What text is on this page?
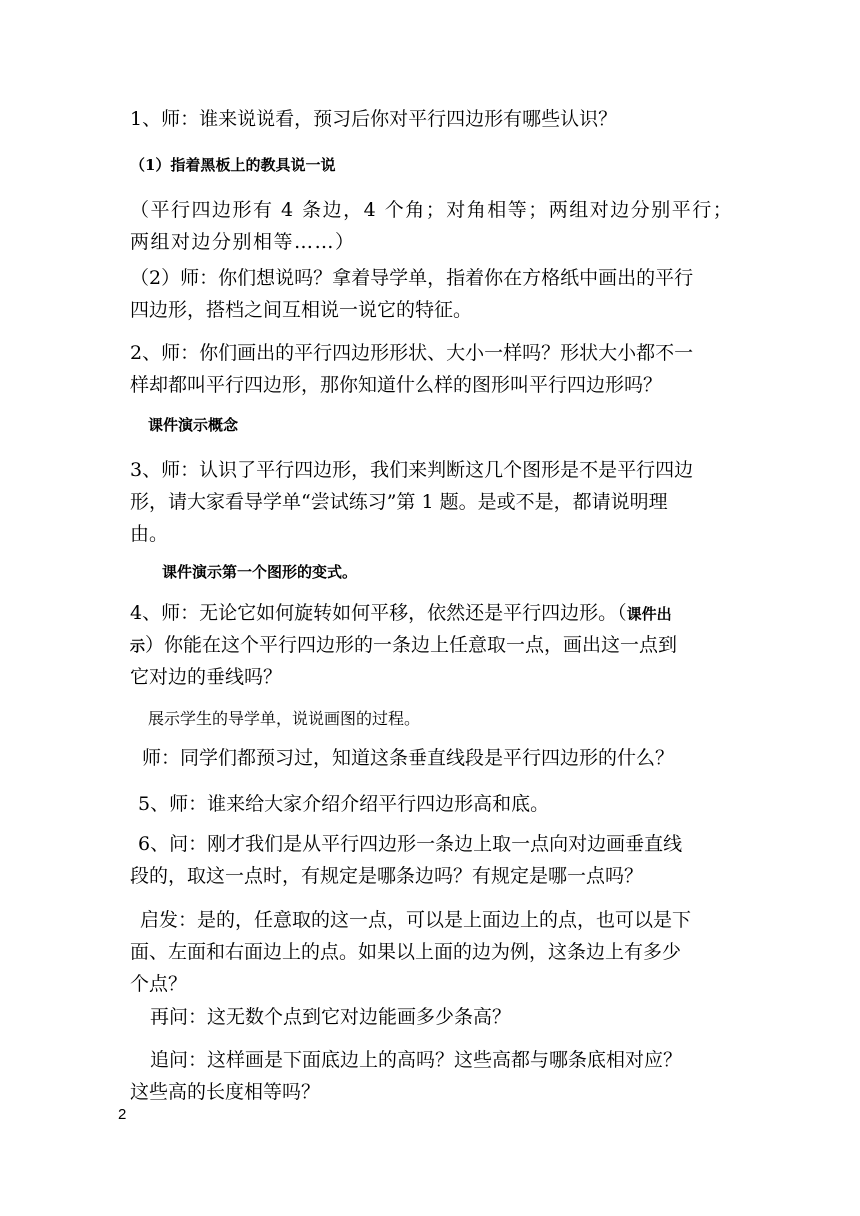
1、师：谁来说说看，预习后你对平行四边形有哪些认识？

（1）指着黑板上的教具说一说

（平行四边形有 4 条边，4 个角；对角相等；两组对边分别平行；

两组对边分别相等……）

（2）师：你们想说吗？拿着导学单，指着你在方格纸中画出的平行

四边形，搭档之间互相说一说它的特征。

2、师：你们画出的平行四边形形状、大小一样吗？形状大小都不一

样却都叫平行四边形，那你知道什么样的图形叫平行四边形吗？

课件演示概念

3、师：认识了平行四边形，我们来判断这几个图形是不是平行四边

形，请大家看导学单“尝试练习”第 1 题。是或不是，都请说明理

由。

课件演示第一个图形的变式。

4、师：无论它如何旋转如何平移，依然还是平行四边形。（课件出

示）你能在这个平行四边形的一条边上任意取一点，画出这一点到

它对边的垂线吗？

展示学生的导学单，说说画图的过程。

师：同学们都预习过，知道这条垂直线段是平行四边形的什么？

5、师：谁来给大家介绍介绍平行四边形高和底。

6、问：刚才我们是从平行四边形一条边上取一点向对边画垂直线

段的，取这一点时，有规定是哪条边吗？有规定是哪一点吗？

启发：是的，任意取的这一点，可以是上面边上的点，也可以是下

面、左面和右面边上的点。如果以上面的边为例，这条边上有多少

个点？

再问：这无数个点到它对边能画多少条高？

追问：这样画是下面底边上的高吗？这些高都与哪条底相对应？

这些高的长度相等吗？

2
